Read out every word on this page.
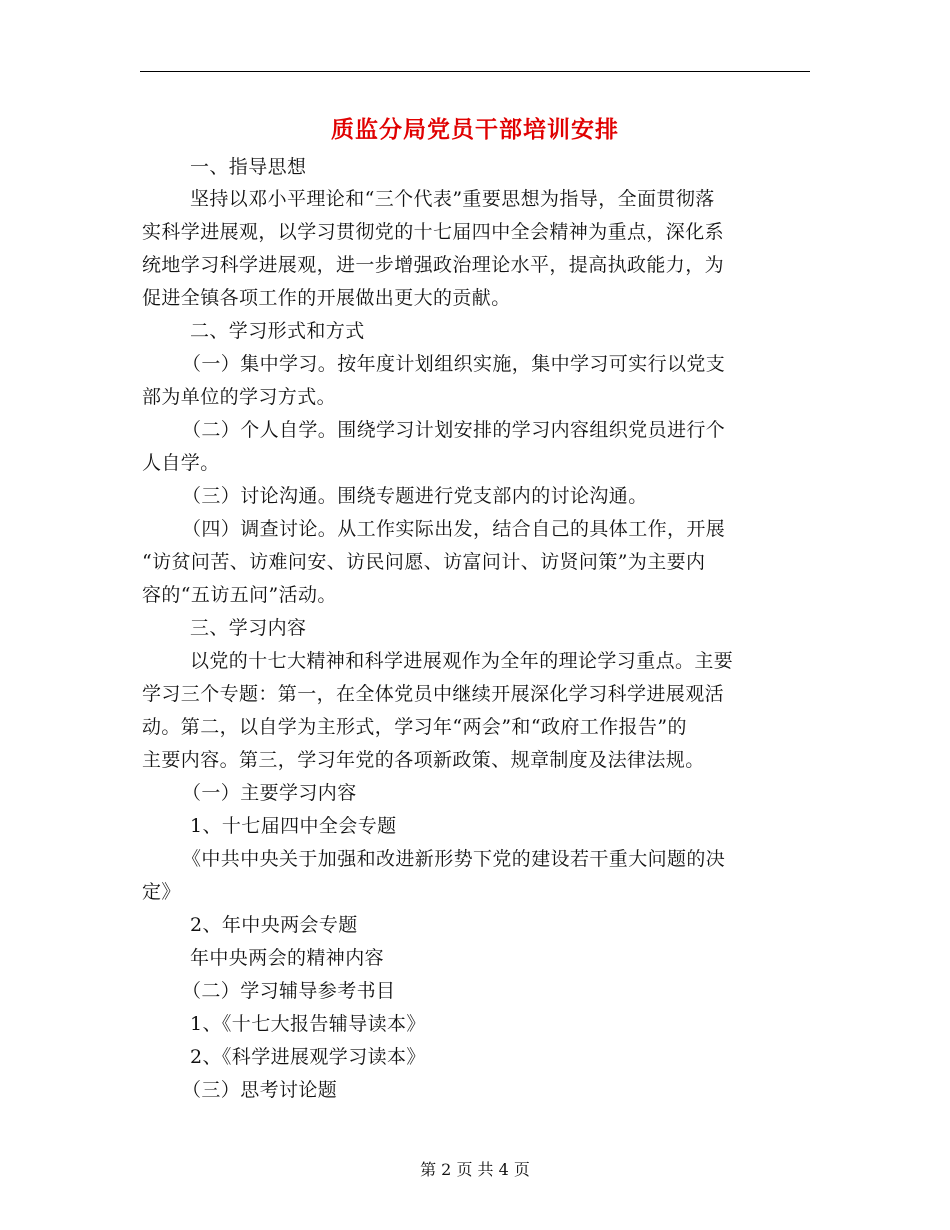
质监分局党员干部培训安排

一、指导思想

坚持以邓小平理论和“三个代表”重要思想为指导，全面贯彻落

实科学进展观，以学习贯彻党的十七届四中全会精神为重点，深化系

统地学习科学进展观，进一步增强政治理论水平，提高执政能力，为

促进全镇各项工作的开展做出更大的贡献。

二、学习形式和方式

（一）集中学习。按年度计划组织实施，集中学习可实行以党支

部为单位的学习方式。

（二）个人自学。围绕学习计划安排的学习内容组织党员进行个

人自学。

（三）讨论沟通。围绕专题进行党支部内的讨论沟通。

（四）调查讨论。从工作实际出发，结合自己的具体工作，开展

“访贫问苦、访难问安、访民问愿、访富问计、访贤问策”为主要内

容的“五访五问”活动。

三、学习内容

以党的十七大精神和科学进展观作为全年的理论学习重点。主要

学习三个专题：第一，在全体党员中继续开展深化学习科学进展观活

动。第二，以自学为主形式，学习年“两会”和“政府工作报告”的

主要内容。第三，学习年党的各项新政策、规章制度及法律法规。

（一）主要学习内容

1、十七届四中全会专题

《中共中央关于加强和改进新形势下党的建设若干重大问题的决

定》

2、年中央两会专题

年中央两会的精神内容

（二）学习辅导参考书目

1、《十七大报告辅导读本》

2、《科学进展观学习读本》

（三）思考讨论题

第 2 页 共 4 页
